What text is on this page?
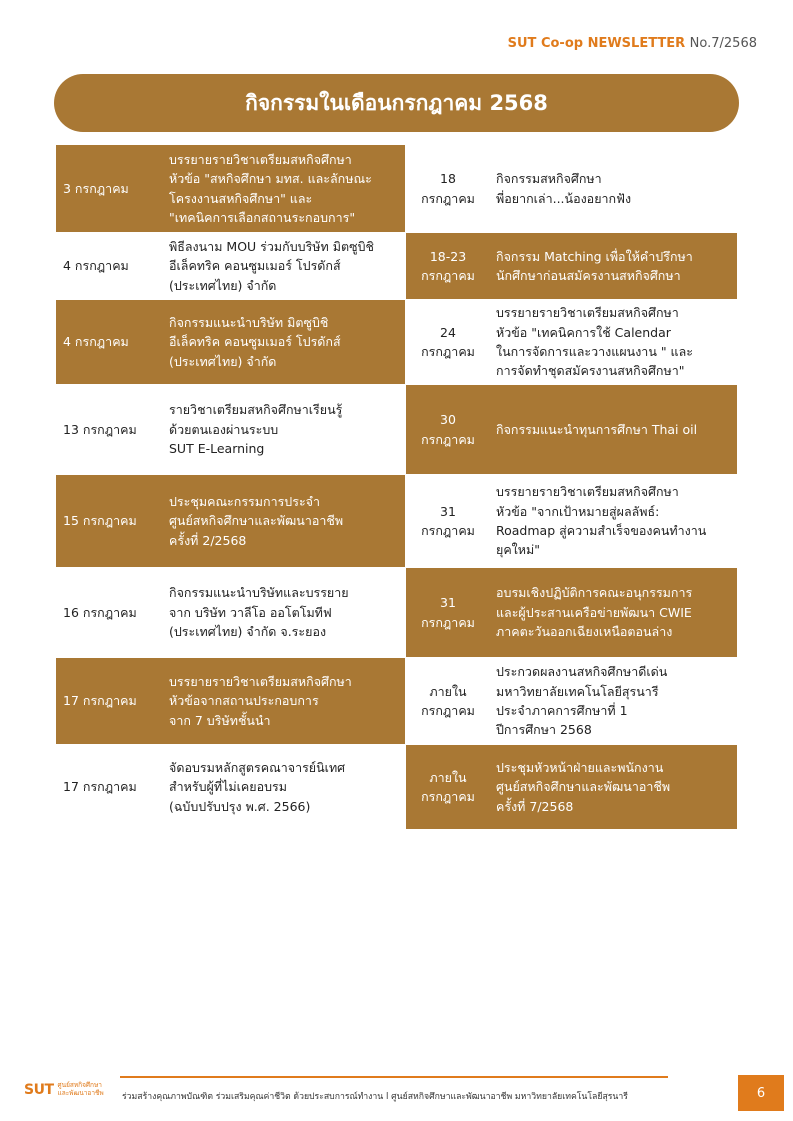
SUT Co-op NEWSLETTER No.7/2568
กิจกรรมในเดือนกรกฎาคม 2568
3 กรกฎาคม
บรรยายรายวิชาเตรียมสหกิจศึกษา
หัวข้อ "สหกิจศึกษา มทส. และลักษณะ
โครงงานสหกิจศึกษา" และ
"เทคนิคการเลือกสถานระกอบการ"
4 กรกฎาคม
พิธีลงนาม MOU ร่วมกับบริษัท มิตซูบิชิ
อีเล็คทริค คอนซูมเมอร์ โปรดักส์
(ประเทศไทย) จำกัด
4 กรกฎาคม
กิจกรรมแนะนำบริษัท มิตซูบิชิ
อีเล็คทริค คอนซูมเมอร์ โปรดักส์
(ประเทศไทย) จำกัด
13 กรกฎาคม
รายวิชาเตรียมสหกิจศึกษาเรียนรู้
ด้วยตนเองผ่านระบบ
SUT E-Learning
15 กรกฎาคม
ประชุมคณะกรรมการประจำ
ศูนย์สหกิจศึกษาและพัฒนาอาชีพ
ครั้งที่ 2/2568
16 กรกฎาคม
กิจกรรมแนะนำบริษัทและบรรยาย
จาก บริษัท วาลีโอ ออโตโมทีฟ
(ประเทศไทย) จำกัด จ.ระยอง
17 กรกฎาคม
บรรยายรายวิชาเตรียมสหกิจศึกษา
หัวข้อจากสถานประกอบการ
จาก 7 บริษัทชั้นนำ
17 กรกฎาคม
จัดอบรมหลักสูตรคณาจารย์นิเทศ
สำหรับผู้ที่ไม่เคยอบรม
(ฉบับปรับปรุง พ.ศ. 2566)
18
กรกฎาคม
กิจกรรมสหกิจศึกษา
พี่อยากเล่า...น้องอยากฟัง
18-23
กรกฎาคม
กิจกรรม Matching เพื่อให้คำปรึกษา
นักศึกษาก่อนสมัครงานสหกิจศึกษา
24
กรกฎาคม
บรรยายรายวิชาเตรียมสหกิจศึกษา
หัวข้อ "เทคนิคการใช้ Calendar
ในการจัดการและวางแผนงาน " และ
การจัดทำชุดสมัครงานสหกิจศึกษา"
30
กรกฎาคม
กิจกรรมแนะนำทุนการศึกษา Thai oil
31
กรกฎาคม
บรรยายรายวิชาเตรียมสหกิจศึกษา
หัวข้อ "จากเป้าหมายสู่ผลลัพธ์:
Roadmap สู่ความสำเร็จของคนทำงาน
ยุคใหม่"
31
กรกฎาคม
อบรมเชิงปฏิบัติการคณะอนุกรรมการ
และผู้ประสานเครือข่ายพัฒนา CWIE
ภาคตะวันออกเฉียงเหนือตอนล่าง
ภายใน
กรกฎาคม
ประกวดผลงานสหกิจศึกษาดีเด่น
มหาวิทยาลัยเทคโนโลยีสุรนารี
ประจำภาคการศึกษาที่ 1
ปีการศึกษา 2568
ภายใน
กรกฎาคม
ประชุมหัวหน้าฝ่ายและพนักงาน
ศูนย์สหกิจศึกษาและพัฒนาอาชีพ
ครั้งที่ 7/2568
SUT ศูนย์สหกิจศึกษา
และพัฒนาอาชีพ ร่วมสร้างคุณภาพบัณฑิต ร่วมเสริมคุณค่าชีวิต ด้วยประสบการณ์ทำงาน l ศูนย์สหกิจศึกษาและพัฒนาอาชีพ มหาวิทยาลัยเทคโนโลยีสุรนารี	6
